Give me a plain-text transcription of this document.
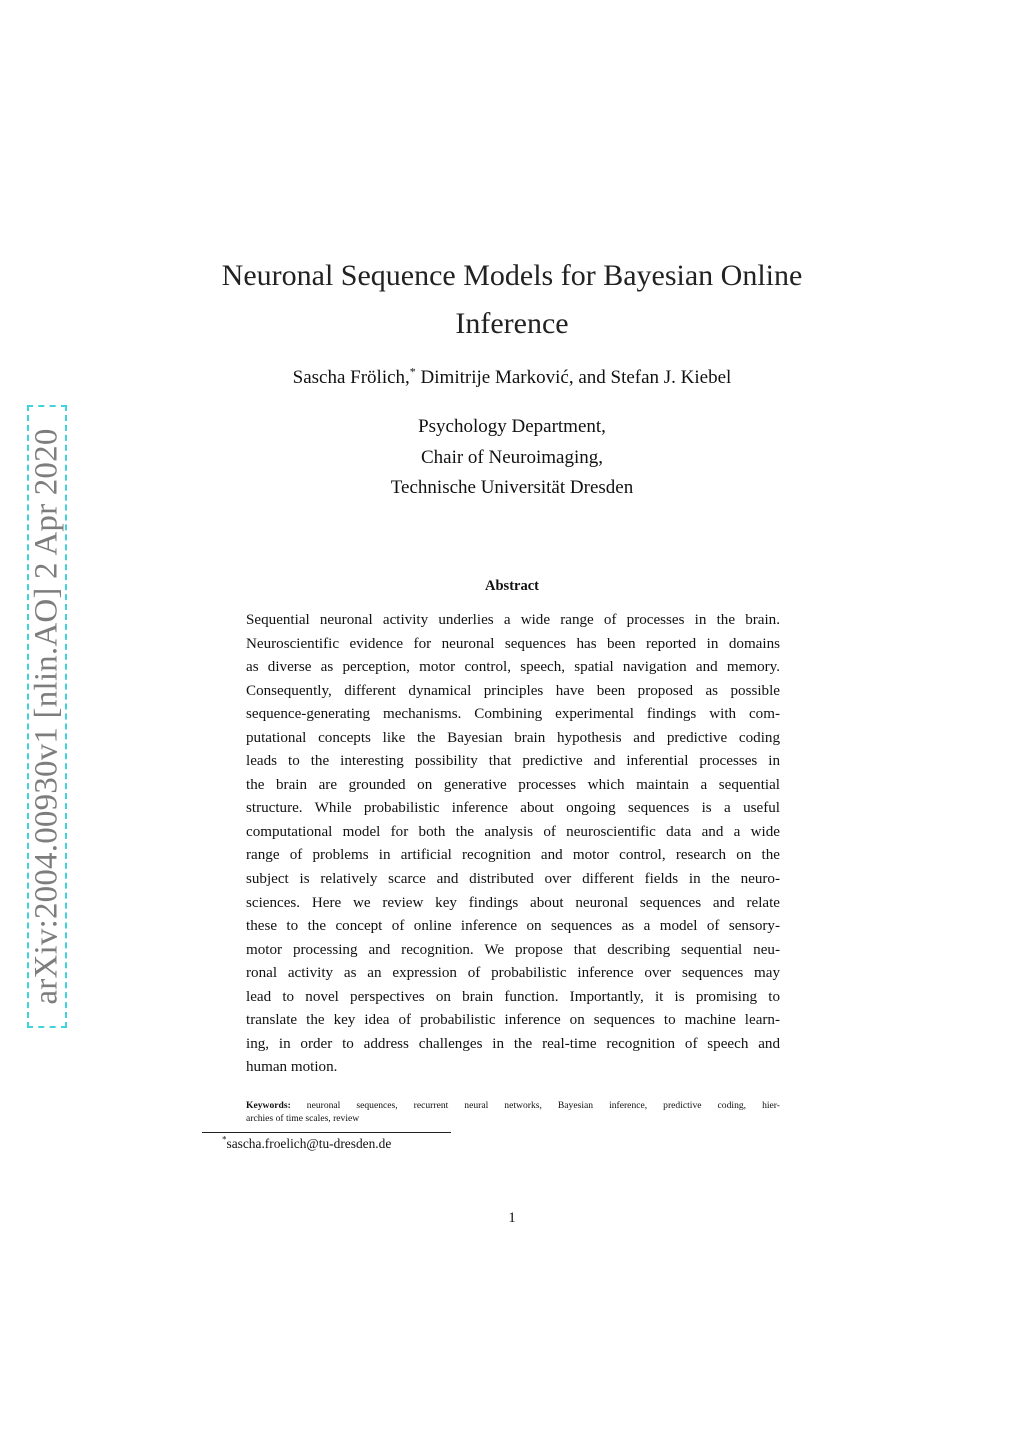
arXiv:2004.00930v1 [nlin.AO] 2 Apr 2020
Neuronal Sequence Models for Bayesian Online
Inference
Sascha Frölich,* Dimitrije Marković, and Stefan J. Kiebel
Psychology Department,
Chair of Neuroimaging,
Technische Universität Dresden
Abstract
Sequential neuronal activity underlies a wide range of processes in the brain.
Neuroscientific evidence for neuronal sequences has been reported in domains
as diverse as perception, motor control, speech, spatial navigation and memory.
Consequently, different dynamical principles have been proposed as possible
sequence-generating mechanisms. Combining experimental findings with com-
putational concepts like the Bayesian brain hypothesis and predictive coding
leads to the interesting possibility that predictive and inferential processes in
the brain are grounded on generative processes which maintain a sequential
structure. While probabilistic inference about ongoing sequences is a useful
computational model for both the analysis of neuroscientific data and a wide
range of problems in artificial recognition and motor control, research on the
subject is relatively scarce and distributed over different fields in the neuro-
sciences. Here we review key findings about neuronal sequences and relate
these to the concept of online inference on sequences as a model of sensory-
motor processing and recognition. We propose that describing sequential neu-
ronal activity as an expression of probabilistic inference over sequences may
lead to novel perspectives on brain function. Importantly, it is promising to
translate the key idea of probabilistic inference on sequences to machine learn-
ing, in order to address challenges in the real-time recognition of speech and
human motion.
Keywords: neuronal sequences, recurrent neural networks, Bayesian inference, predictive coding, hier-
archies of time scales, review
*sascha.froelich@tu-dresden.de
1
